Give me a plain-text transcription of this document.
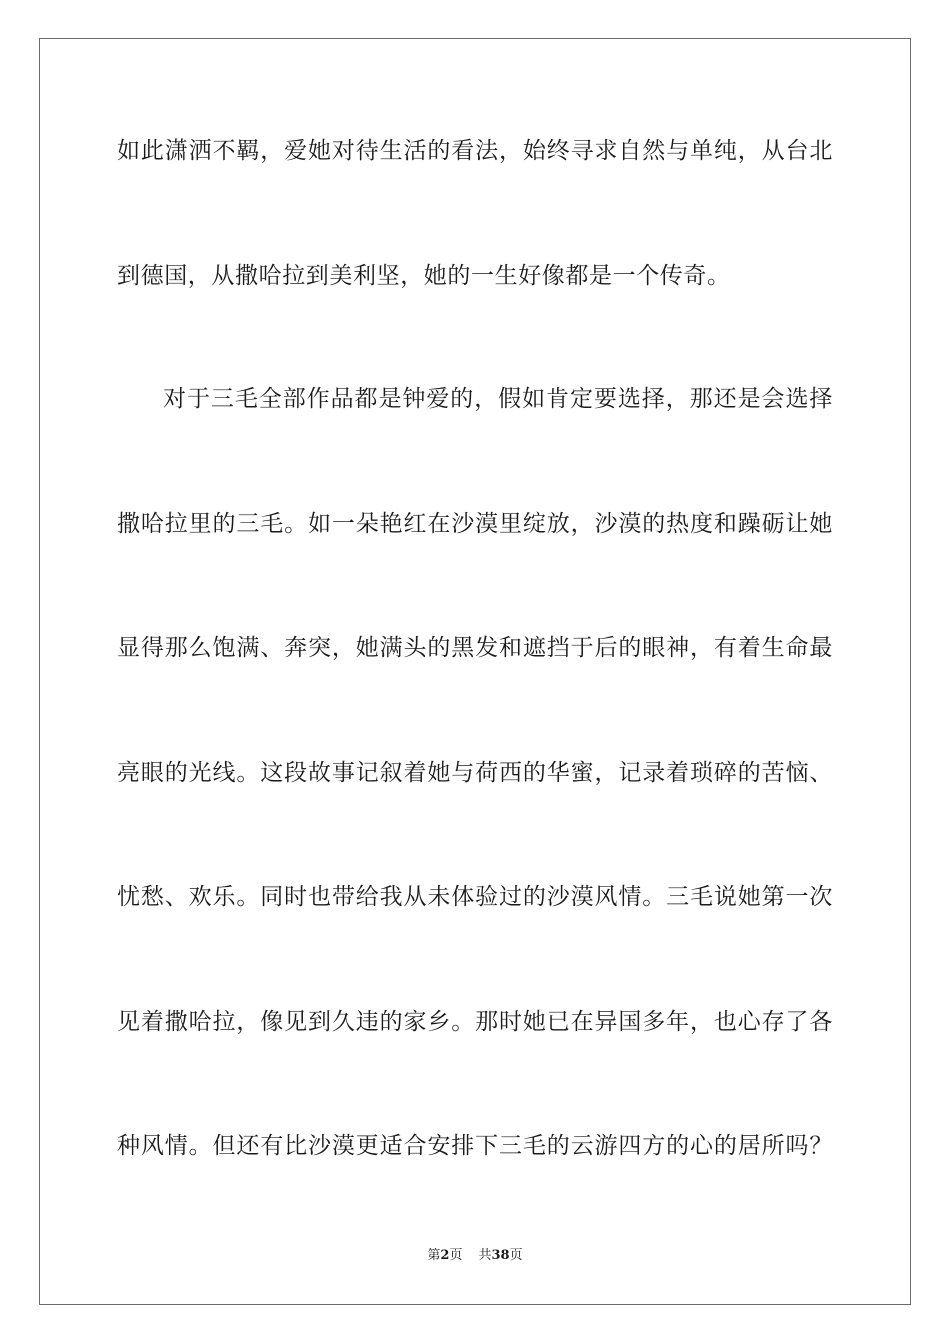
如此潇洒不羁，爱她对待生活的看法，始终寻求自然与单纯，从台北
到德国，从撒哈拉到美利坚，她的一生好像都是一个传奇。
对于三毛全部作品都是钟爱的，假如肯定要选择，那还是会选择
撒哈拉里的三毛。如一朵艳红在沙漠里绽放，沙漠的热度和躁砺让她
显得那么饱满、奔突，她满头的黑发和遮挡于后的眼神，有着生命最
亮眼的光线。这段故事记叙着她与荷西的华蜜，记录着琐碎的苦恼、
忧愁、欢乐。同时也带给我从未体验过的沙漠风情。三毛说她第一次
见着撒哈拉，像见到久违的家乡。那时她已在异国多年，也心存了各
种风情。但还有比沙漠更适合安排下三毛的云游四方的心的居所吗？
第2页 共38页
